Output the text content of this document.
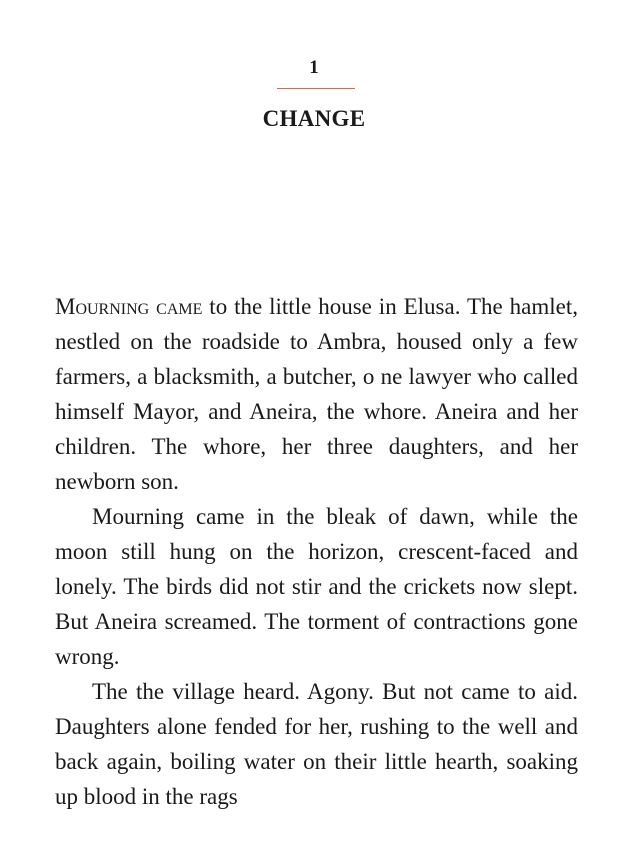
1
CHANGE

Mourning came to the little house in Elusa. The hamlet, nestled on the roadside to Ambra, housed only a few farmers, a blacksmith, a butcher, o ne lawyer who called himself Mayor, and Aneira, the whore. Aneira and her children. The whore, her three daughters, and her newborn son.

Mourning came in the bleak of dawn, while the moon still hung on the horizon, crescent-faced and lonely. The birds did not stir and the crickets now slept. But Aneira screamed. The torment of contractions gone wrong.

The the village heard. Agony. But not came to aid. Daughters alone fended for her, rushing to the well and back again, boiling water on their little hearth, soaking up blood in the rags
